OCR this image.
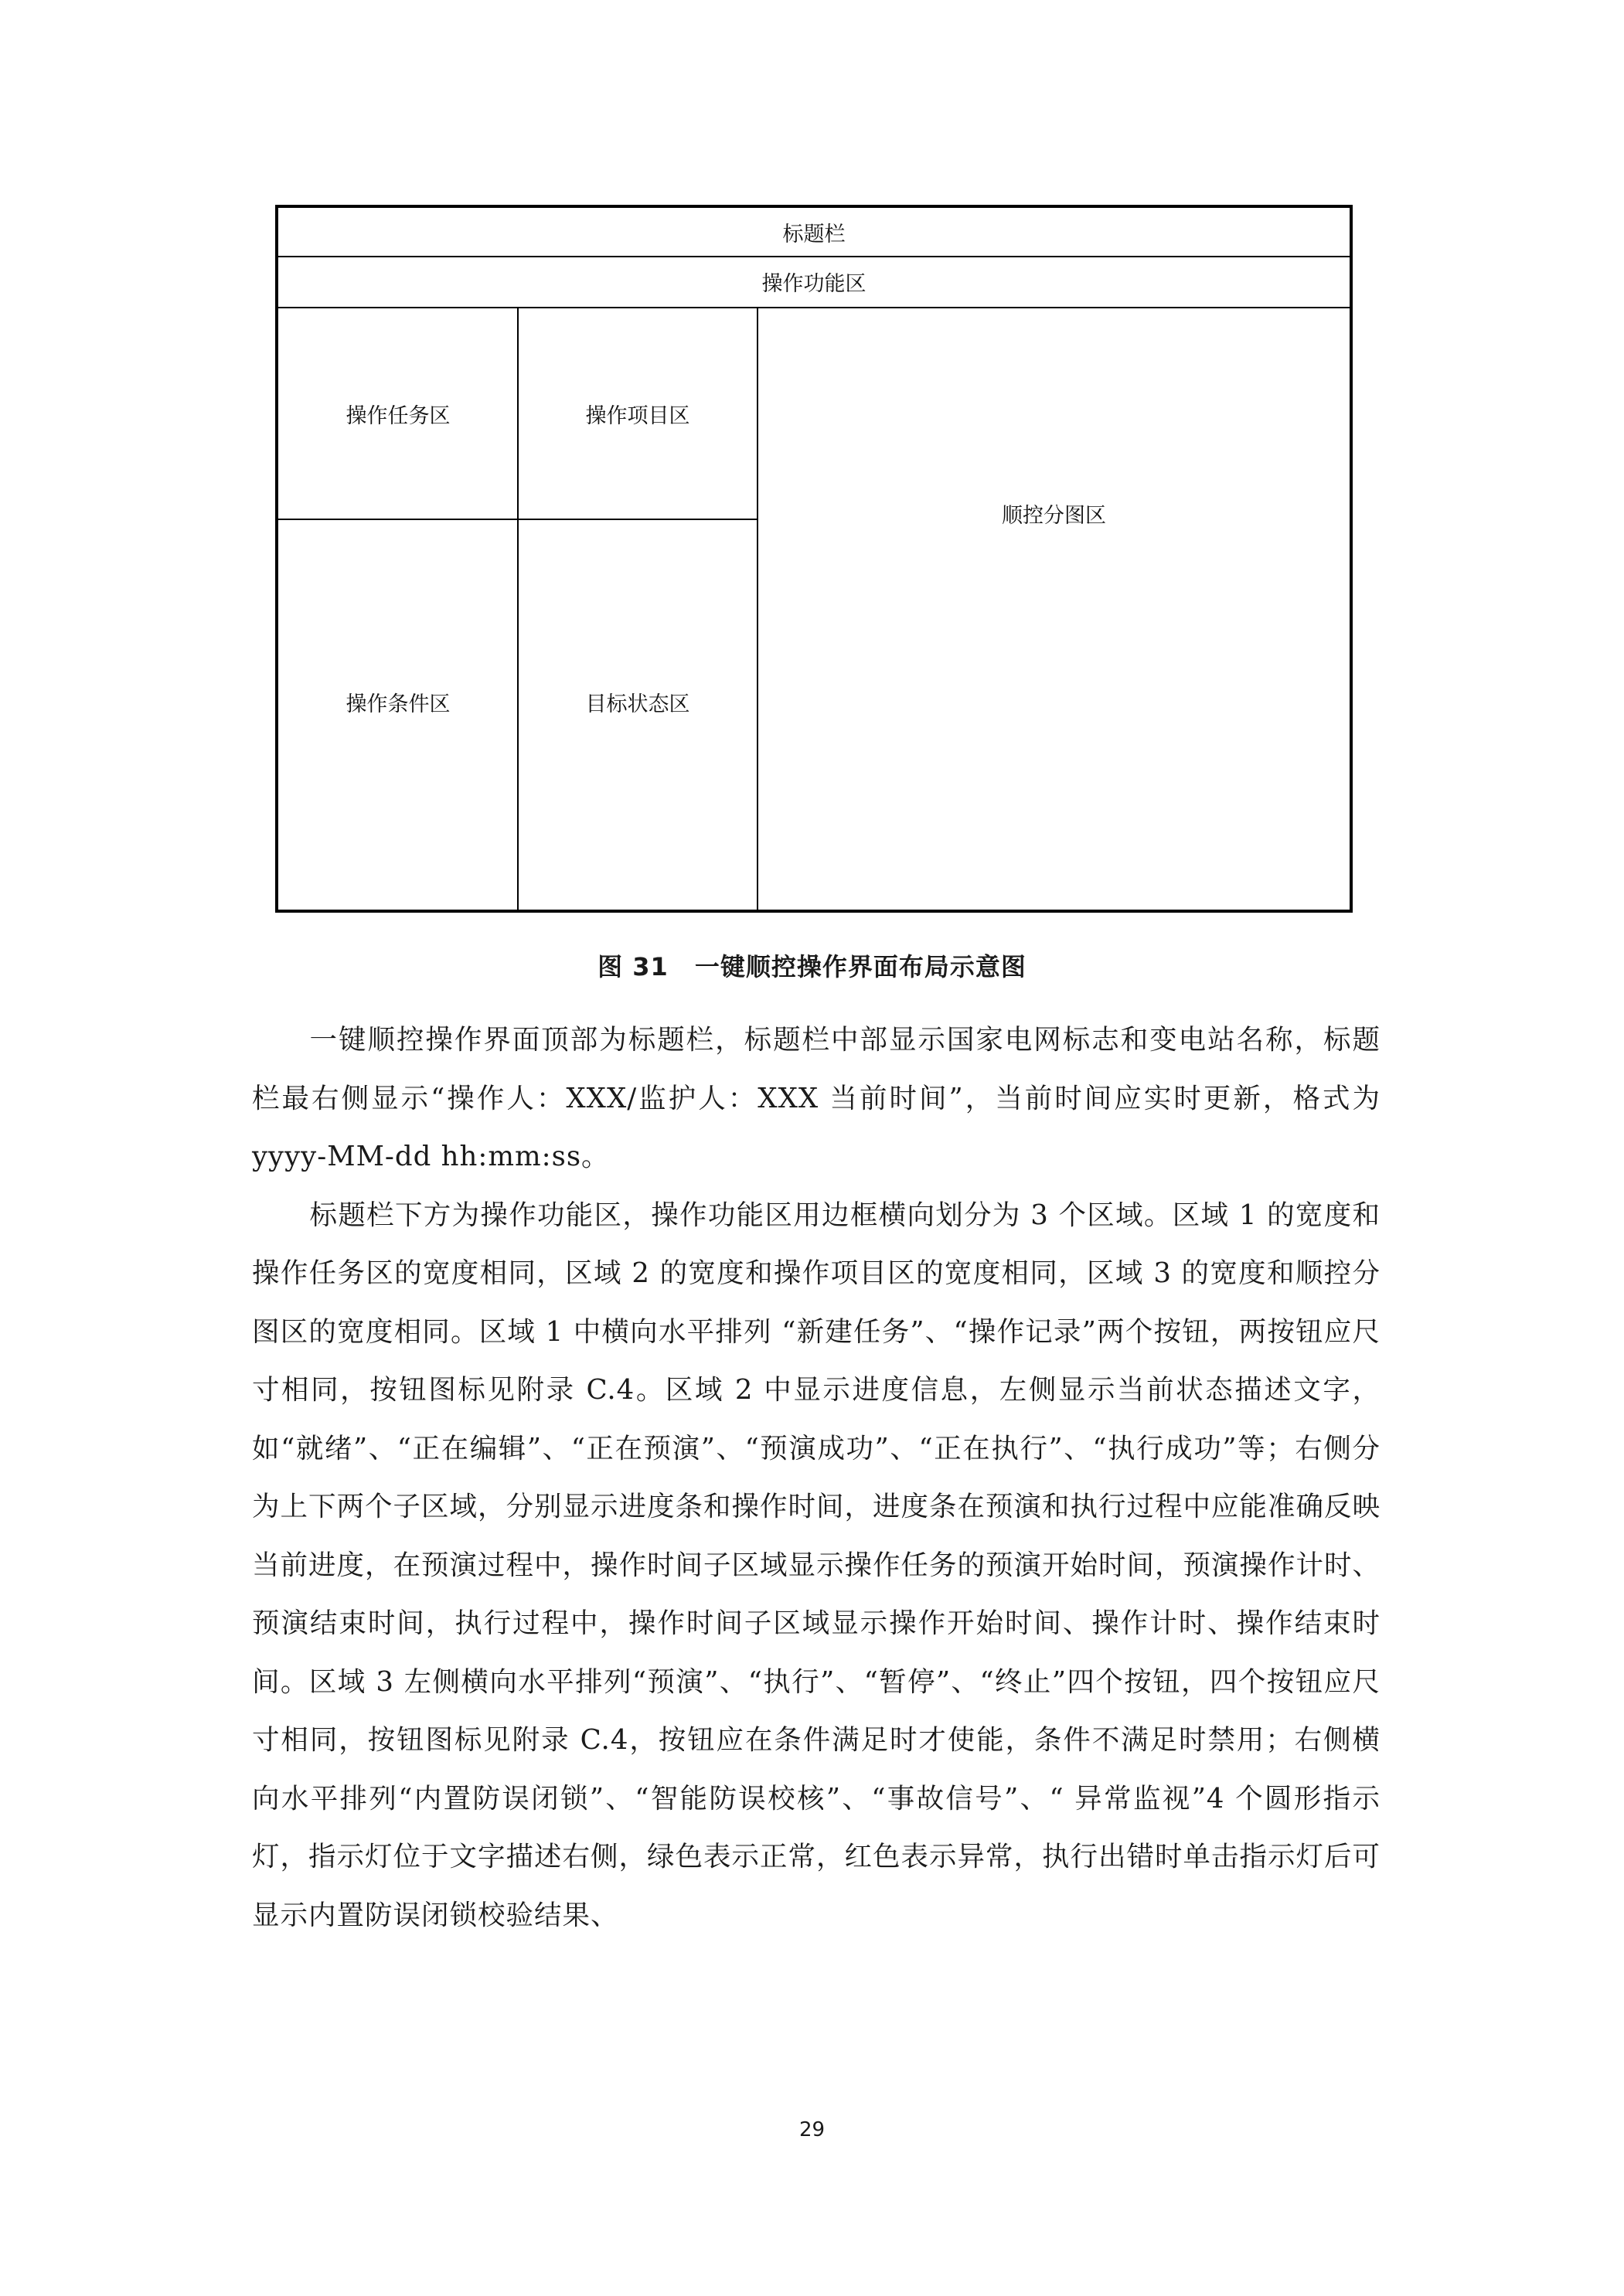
标题栏
操作功能区
操作任务区	操作项目区
操作条件区	目标状态区
顺控分图区
图 31 一键顺控操作界面布局示意图

一键顺控操作界面顶部为标题栏，标题栏中部显示国家电网标志和变电站名称，标题栏最右侧显示“操作人：XXX/监护人：XXX 当前时间”，当前时间应实时更新，格式为 yyyy-MM-dd hh:mm:ss。

标题栏下方为操作功能区，操作功能区用边框横向划分为 3 个区域。区域 1 的宽度和操作任务区的宽度相同，区域 2 的宽度和操作项目区的宽度相同，区域 3 的宽度和顺控分图区的宽度相同。区域 1 中横向水平排列 “新建任务”、“操作记录”两个按钮，两按钮应尺寸相同，按钮图标见附录 C.4。区域 2 中显示进度信息，左侧显示当前状态描述文字，如“就绪”、“正在编辑”、“正在预演”、“预演成功”、“正在执行”、“执行成功”等；右侧分为上下两个子区域，分别显示进度条和操作时间，进度条在预演和执行过程中应能准确反映当前进度，在预演过程中，操作时间子区域显示操作任务的预演开始时间，预演操作计时、预演结束时间，执行过程中，操作时间子区域显示操作开始时间、操作计时、操作结束时间。区域 3 左侧横向水平排列“预演”、“执行”、“暂停”、“终止”四个按钮，四个按钮应尺寸相同，按钮图标见附录 C.4，按钮应在条件满足时才使能，条件不满足时禁用；右侧横向水平排列“内置防误闭锁”、“智能防误校核”、“事故信号”、“ 异常监视”4 个圆形指示灯，指示灯位于文字描述右侧，绿色表示正常，红色表示异常，执行出错时单击指示灯后可显示内置防误闭锁校验结果、

29
